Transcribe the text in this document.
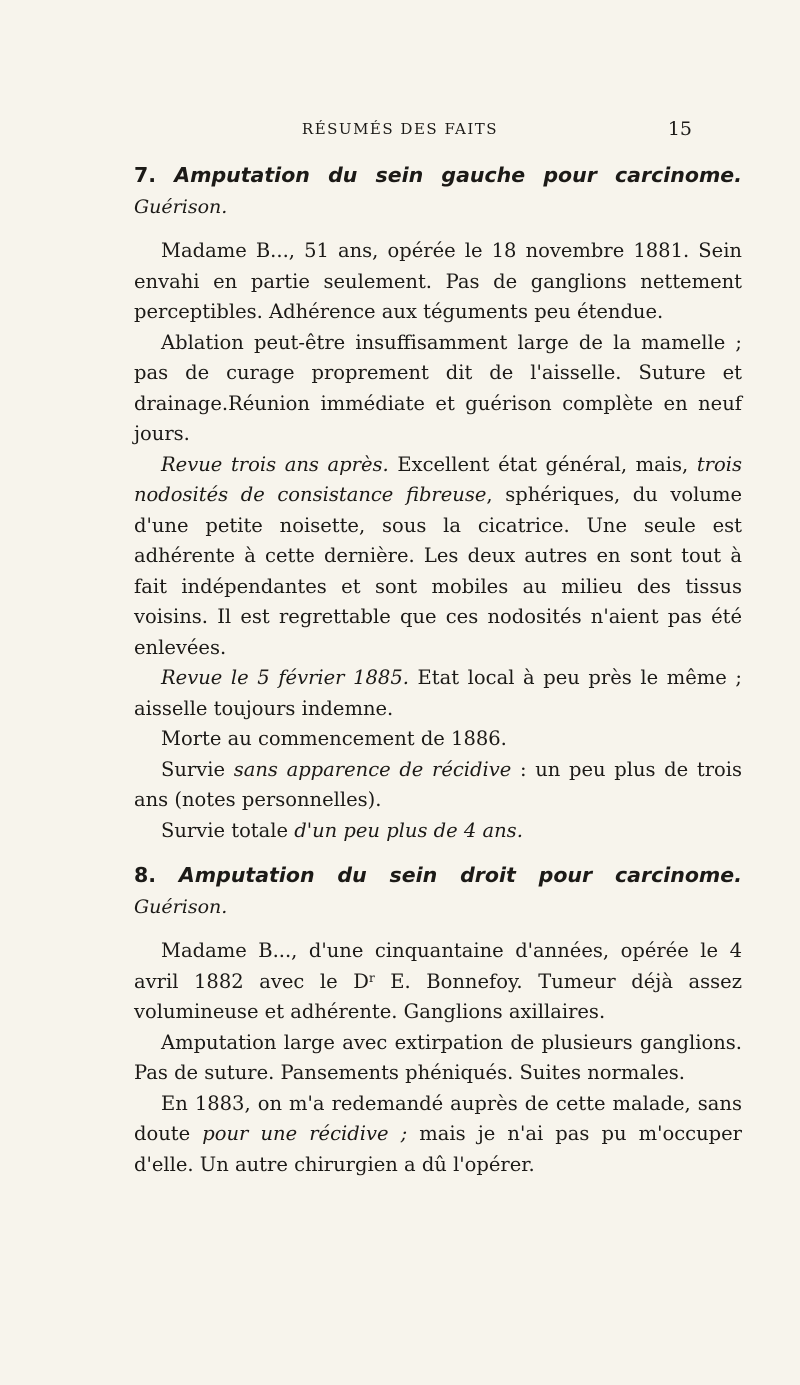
RÉSUMÉS DES FAITS	15
7. Amputation du sein gauche pour carcinome. Guérison.

Madame B..., 51 ans, opérée le 18 novembre 1881. Sein envahi en partie seulement. Pas de ganglions nettement perceptibles. Adhérence aux téguments peu étendue.

Ablation peut-être insuffisamment large de la mamelle ; pas de curage proprement dit de l'aisselle. Suture et drainage.Réunion immédiate et guérison complète en neuf jours.

Revue trois ans après. Excellent état général, mais, trois nodosités de consistance fibreuse, sphériques, du volume d'une petite noisette, sous la cicatrice. Une seule est adhérente à cette dernière. Les deux autres en sont tout à fait indépendantes et sont mobiles au milieu des tissus voisins. Il est regrettable que ces nodosités n'aient pas été enlevées.

Revue le 5 février 1885. Etat local à peu près le même ; aisselle toujours indemne.

Morte au commencement de 1886.

Survie sans apparence de récidive : un peu plus de trois ans (notes personnelles).

Survie totale d'un peu plus de 4 ans.

8. Amputation du sein droit pour carcinome. Guérison.

Madame B..., d'une cinquantaine d'années, opérée le 4 avril 1882 avec le $D^r$ E. Bonnefoy. Tumeur déjà assez volumineuse et adhérente. Ganglions axillaires.

Amputation large avec extirpation de plusieurs ganglions. Pas de suture. Pansements phéniqués. Suites normales.

En 1883, on m'a redemandé auprès de cette malade, sans doute pour une récidive ; mais je n'ai pas pu m'occuper d'elle. Un autre chirurgien a dû l'opérer.
